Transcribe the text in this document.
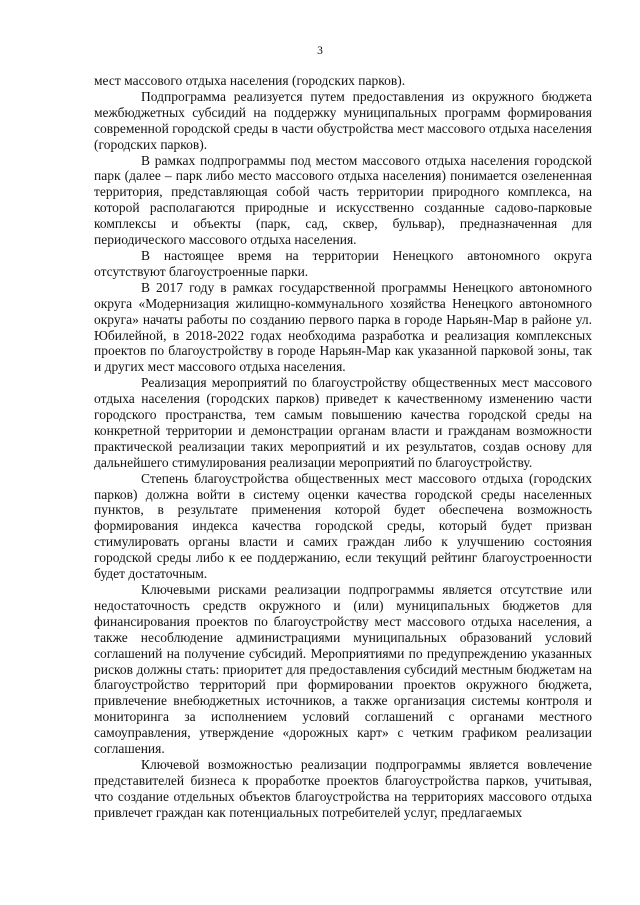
3

мест массового отдыха населения (городских парков).

Подпрограмма реализуется путем предоставления из окружного бюджета межбюджетных субсидий на поддержку муниципальных программ формирования современной городской среды в части обустройства мест массового отдыха населения (городских парков).

В рамках подпрограммы под местом массового отдыха населения городской парк (далее – парк либо место массового отдыха населения) понимается озелененная территория, представляющая собой часть территории природного комплекса, на которой располагаются природные и искусственно созданные садово-парковые комплексы и объекты (парк, сад, сквер, бульвар), предназначенная для периодического массового отдыха населения.

В настоящее время на территории Ненецкого автономного округа отсутствуют благоустроенные парки.

В 2017 году в рамках государственной программы Ненецкого автономного округа «Модернизация жилищно-коммунального хозяйства Ненецкого автономного округа» начаты работы по созданию первого парка в городе Нарьян-Мар в районе ул. Юбилейной, в 2018-2022 годах необходима разработка и реализация комплексных проектов по благоустройству в городе Нарьян-Мар как указанной парковой зоны, так и других мест массового отдыха населения.

Реализация мероприятий по благоустройству общественных мест массового отдыха населения (городских парков) приведет к качественному изменению части городского пространства, тем самым повышению качества городской среды на конкретной территории и демонстрации органам власти и гражданам возможности практической реализации таких мероприятий и их результатов, создав основу для дальнейшего стимулирования реализации мероприятий по благоустройству.

Степень благоустройства общественных мест массового отдыха (городских парков) должна войти в систему оценки качества городской среды населенных пунктов, в результате применения которой будет обеспечена возможность формирования индекса качества городской среды, который будет призван стимулировать органы власти и самих граждан либо к улучшению состояния городской среды либо к ее поддержанию, если текущий рейтинг благоустроенности будет достаточным.

Ключевыми рисками реализации подпрограммы является отсутствие или недостаточность средств окружного и (или) муниципальных бюджетов для финансирования проектов по благоустройству мест массового отдыха населения, а также несоблюдение администрациями муниципальных образований условий соглашений на получение субсидий. Мероприятиями по предупреждению указанных рисков должны стать: приоритет для предоставления субсидий местным бюджетам на благоустройство территорий при формировании проектов окружного бюджета, привлечение внебюджетных источников, а также организация системы контроля и мониторинга за исполнением условий соглашений с органами местного самоуправления, утверждение «дорожных карт» с четким графиком реализации соглашения.

Ключевой возможностью реализации подпрограммы является вовлечение представителей бизнеса к проработке проектов благоустройства парков, учитывая, что создание отдельных объектов благоустройства на территориях массового отдыха привлечет граждан как потенциальных потребителей услуг, предлагаемых
